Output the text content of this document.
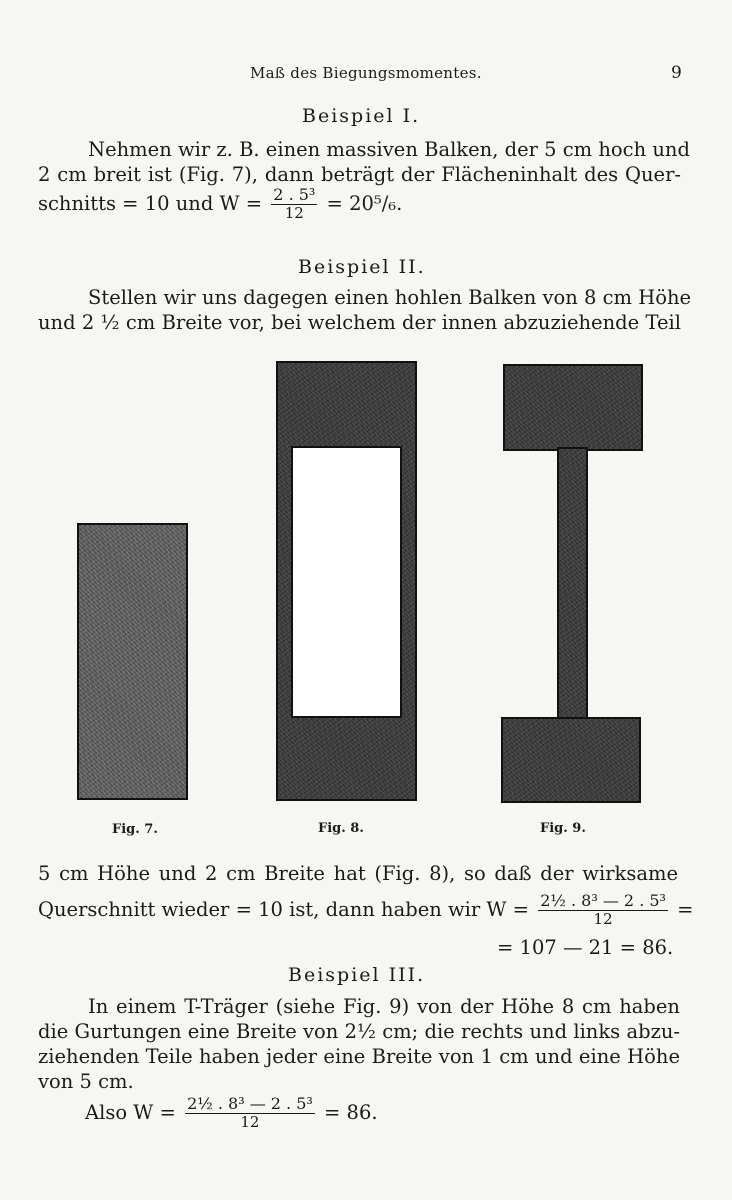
Maß des Biegungsmomentes.	9
Beispiel I.
Nehmen wir z. B. einen massiven Balken, der 5 cm hoch und
2 cm breit ist (Fig. 7), dann beträgt der Flächeninhalt des Quer-
schnitts = 10 und $W = \frac{\text{2 . 5³}}{12} = 20^5/_6$.
Beispiel II.
Stellen wir uns dagegen einen hohlen Balken von 8 cm Höhe
und 2 ½ cm Breite vor, bei welchem der innen abzuziehende Teil
Fig. 7.	Fig. 8.	Fig. 9.
5 cm Höhe und 2 cm Breite hat (Fig. 8), so daß der wirksame
Querschnitt wieder = 10 ist, dann haben wir $W = \frac{\text{2½ . 8³ — 2 . 5³}}{12}$ =
= 107 — 21 = 86.
Beispiel III.
In einem T-Träger (siehe Fig. 9) von der Höhe 8 cm haben
die Gurtungen eine Breite von 2½ cm; die rechts und links abzu-
ziehenden Teile haben jeder eine Breite von 1 cm und eine Höhe
von 5 cm.
Also $W = \frac{\text{2½ . 8³ — 2 . 5³}}{12} = 86$.
